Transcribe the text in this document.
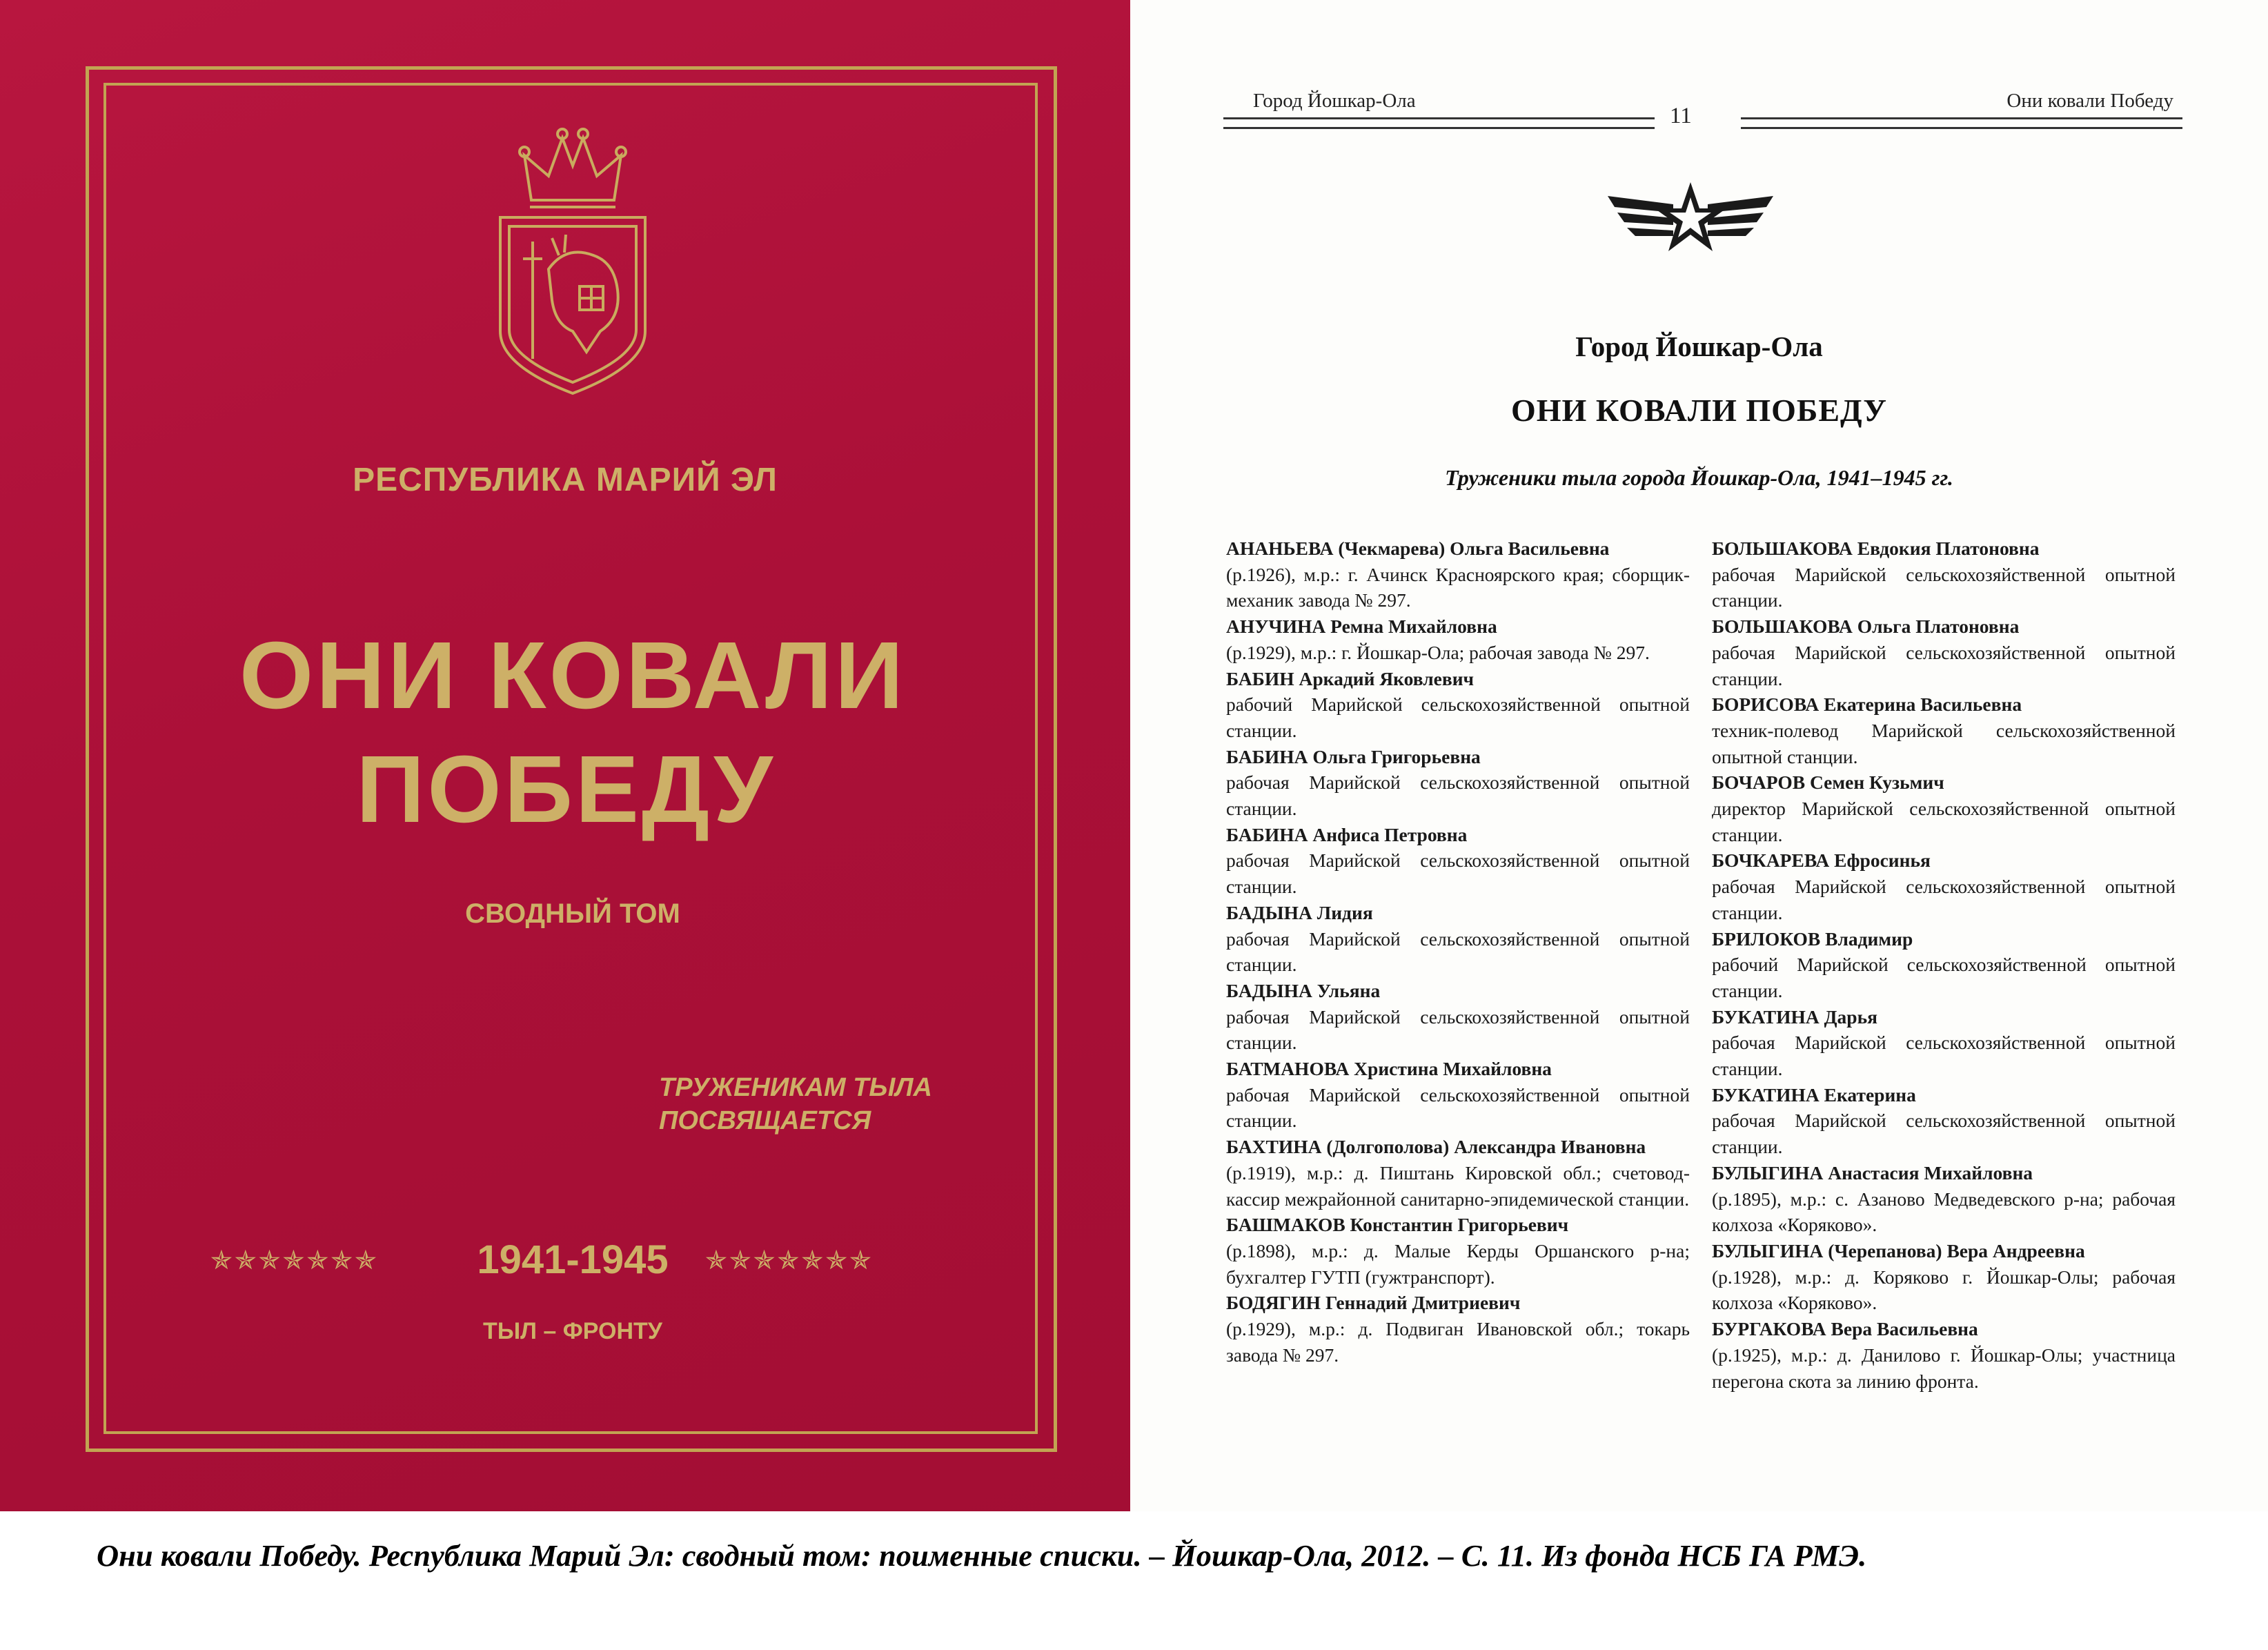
РЕСПУБЛИКА МАРИЙ ЭЛ
ОНИ КОВАЛИ
ПОБЕДУ
СВОДНЫЙ ТОМ
ТРУЖЕНИКАМ ТЫЛА
ПОСВЯЩАЕТСЯ
✯✯✯✯✯✯✯	1941-1945	✯✯✯✯✯✯✯
ТЫЛ – ФРОНТУ
Город Йошкар-Ола
11
Они ковали Победу
Город Йошкар-Ола
ОНИ КОВАЛИ ПОБЕДУ
Труженики тыла города Йошкар-Ола, 1941–1945 гг.
АНАНЬЕВА (Чекмарева) Ольга Васильевна
(р.1926), м.р.: г. Ачинск Красноярского края; сборщик-механик завода № 297.
АНУЧИНА Ремна Михайловна
(р.1929), м.р.: г. Йошкар-Ола; рабочая завода № 297.
БАБИН Аркадий Яковлевич
рабочий Марийской сельскохозяйственной опытной станции.
БАБИНА Ольга Григорьевна
рабочая Марийской сельскохозяйственной опытной станции.
БАБИНА Анфиса Петровна
рабочая Марийской сельскохозяйственной опытной станции.
БАДЫНА Лидия
рабочая Марийской сельскохозяйственной опытной станции.
БАДЫНА Ульяна
рабочая Марийской сельскохозяйственной опытной станции.
БАТМАНОВА Христина Михайловна
рабочая Марийской сельскохозяйственной опытной станции.
БАХТИНА (Долгополова) Александра Ивановна
(р.1919), м.р.: д. Пиштань Кировской обл.; счетовод-кассир межрайонной санитарно-эпидемической станции.
БАШМАКОВ Константин Григорьевич
(р.1898), м.р.: д. Малые Керды Оршанского р-на; бухгалтер ГУТП (гужтранспорт).
БОДЯГИН Геннадий Дмитриевич
(р.1929), м.р.: д. Подвиган Ивановской обл.; токарь завода № 297.
БОЛЬШАКОВА Евдокия Платоновна
рабочая Марийской сельскохозяйственной опытной станции.
БОЛЬШАКОВА Ольга Платоновна
рабочая Марийской сельскохозяйственной опытной станции.
БОРИСОВА Екатерина Васильевна
техник-полевод Марийской сельскохозяйственной опытной станции.
БОЧАРОВ Семен Кузьмич
директор Марийской сельскохозяйственной опытной станции.
БОЧКАРЕВА Ефросинья
рабочая Марийской сельскохозяйственной опытной станции.
БРИЛОКОВ Владимир
рабочий Марийской сельскохозяйственной опытной станции.
БУКАТИНА Дарья
рабочая Марийской сельскохозяйственной опытной станции.
БУКАТИНА Екатерина
рабочая Марийской сельскохозяйственной опытной станции.
БУЛЫГИНА Анастасия Михайловна
(р.1895), м.р.: с. Азаново Медведевского р-на; рабочая колхоза «Коряково».
БУЛЫГИНА (Черепанова) Вера Андреевна
(р.1928), м.р.: д. Коряково г. Йошкар-Олы; рабочая колхоза «Коряково».
БУРГАКОВА Вера Васильевна
(р.1925), м.р.: д. Данилово г. Йошкар-Олы; участница перегона скота за линию фронта.
Они ковали Победу. Республика Марий Эл: сводный том: поименные списки. – Йошкар-Ола, 2012. – С. 11. Из фонда НСБ ГА РМЭ.
